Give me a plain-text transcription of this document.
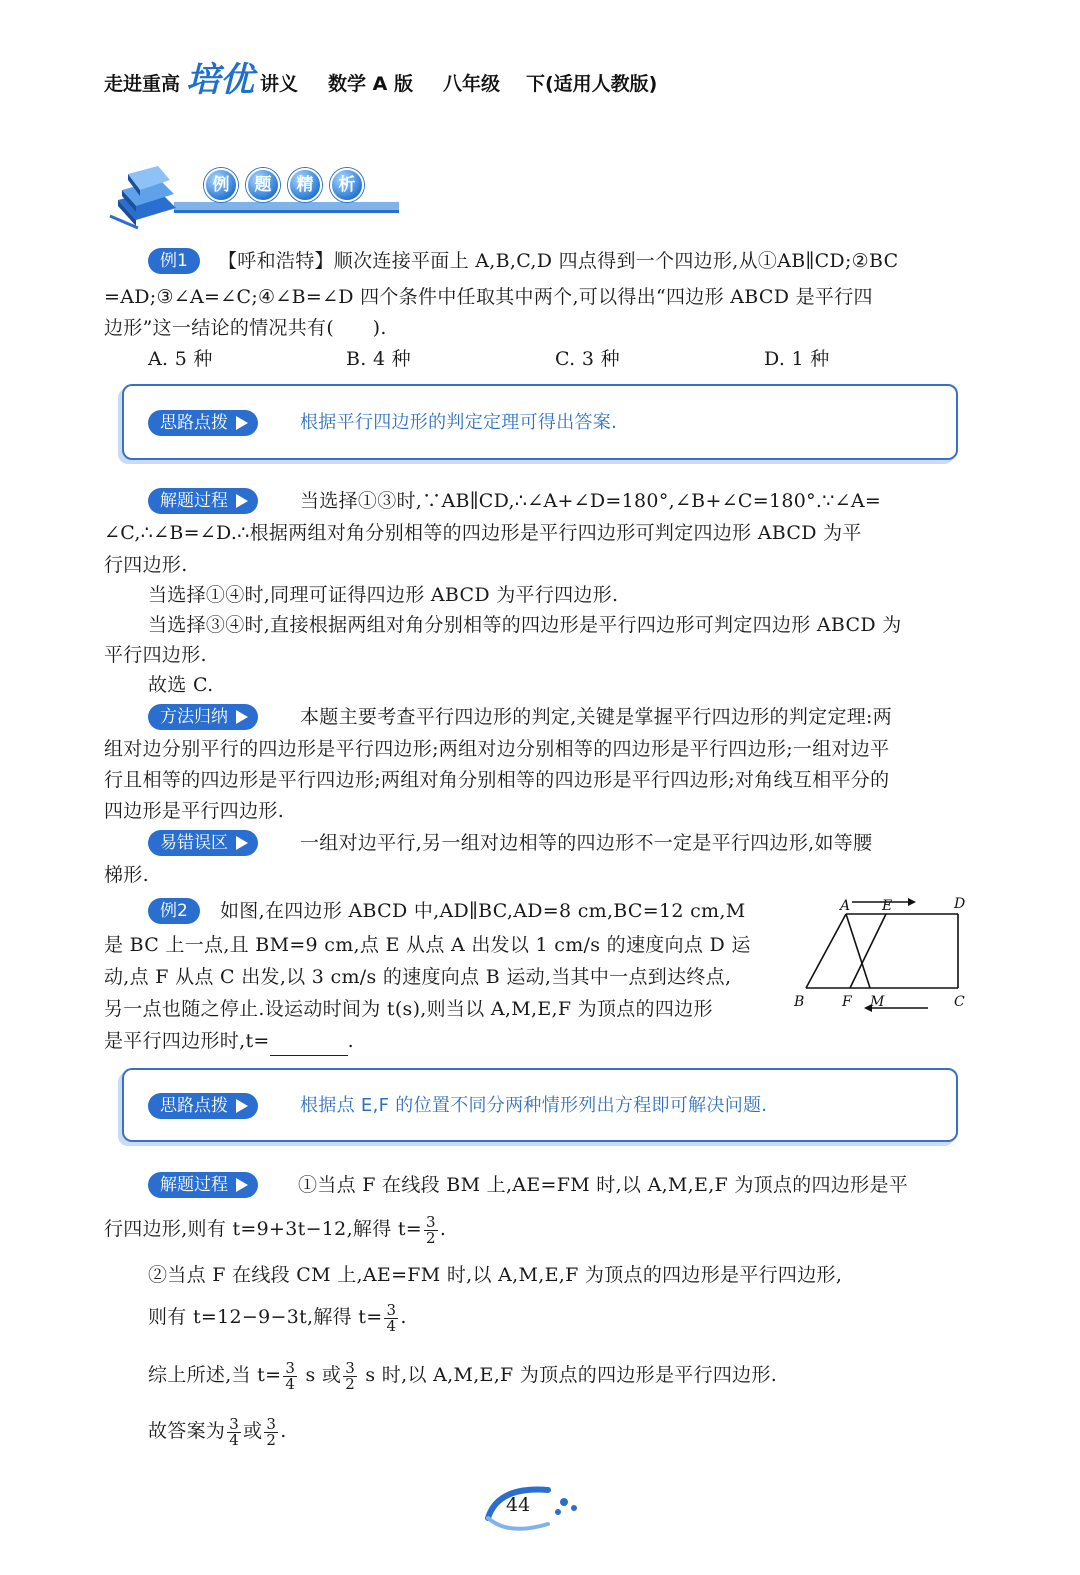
走进重高 培优 讲义 数学 A 版 八年级 下(适用人教版)
例	题	精	析
例1	【呼和浩特】顺次连接平面上 A,B,C,D 四点得到一个四边形,从①AB∥CD;②BC
=AD;③∠A=∠C;④∠B=∠D 四个条件中任取其中两个,可以得出“四边形 ABCD 是平行四
边形”这一结论的情况共有(　　).
A. 5 种	B. 4 种	C. 3 种	D. 1 种
思路点拨	根据平行四边形的判定定理可得出答案.
解题过程	当选择①③时,∵AB∥CD,∴∠A+∠D=180°,∠B+∠C=180°.∵∠A=
∠C,∴∠B=∠D.∴根据两组对角分别相等的四边形是平行四边形可判定四边形 ABCD 为平
行四边形.
当选择①④时,同理可证得四边形 ABCD 为平行四边形.
当选择③④时,直接根据两组对角分别相等的四边形是平行四边形可判定四边形 ABCD 为
平行四边形.
故选 C.
方法归纳	本题主要考查平行四边形的判定,关键是掌握平行四边形的判定定理:两
组对边分别平行的四边形是平行四边形;两组对边分别相等的四边形是平行四边形;一组对边平
行且相等的四边形是平行四边形;两组对角分别相等的四边形是平行四边形;对角线互相平分的
四边形是平行四边形.
易错误区	一组对边平行,另一组对边相等的四边形不一定是平行四边形,如等腰
梯形.
例2	如图,在四边形 ABCD 中,AD∥BC,AD=8 cm,BC=12 cm,M
是 BC 上一点,且 BM=9 cm,点 E 从点 A 出发以 1 cm/s 的速度向点 D 运
动,点 F 从点 C 出发,以 3 cm/s 的速度向点 B 运动,当其中一点到达终点,
另一点也随之停止.设运动时间为 t(s),则当以 A,M,E,F 为顶点的四边形
是平行四边形时,t=	.
A E	D
B	F M	C
思路点拨	根据点 E,F 的位置不同分两种情形列出方程即可解决问题.
解题过程	①当点 F 在线段 BM 上,AE=FM 时,以 A,M,E,F 为顶点的四边形是平
行四边形,则有 t=9+3t−12,解得 $t= \frac{3}{2}$ .
②当点 F 在线段 CM 上,AE=FM 时,以 A,M,E,F 为顶点的四边形是平行四边形,
则有 t=12−9−3t,解得 $t= \frac{3}{4}$ .
综上所述,当 $t= \frac{3}{4}$ s 或 $\frac{3}{2}$ s 时,以 A,M,E,F 为顶点的四边形是平行四边形.
故答案为 $\frac{3}{4}$ 或 $\frac{3}{2}$ .
44
